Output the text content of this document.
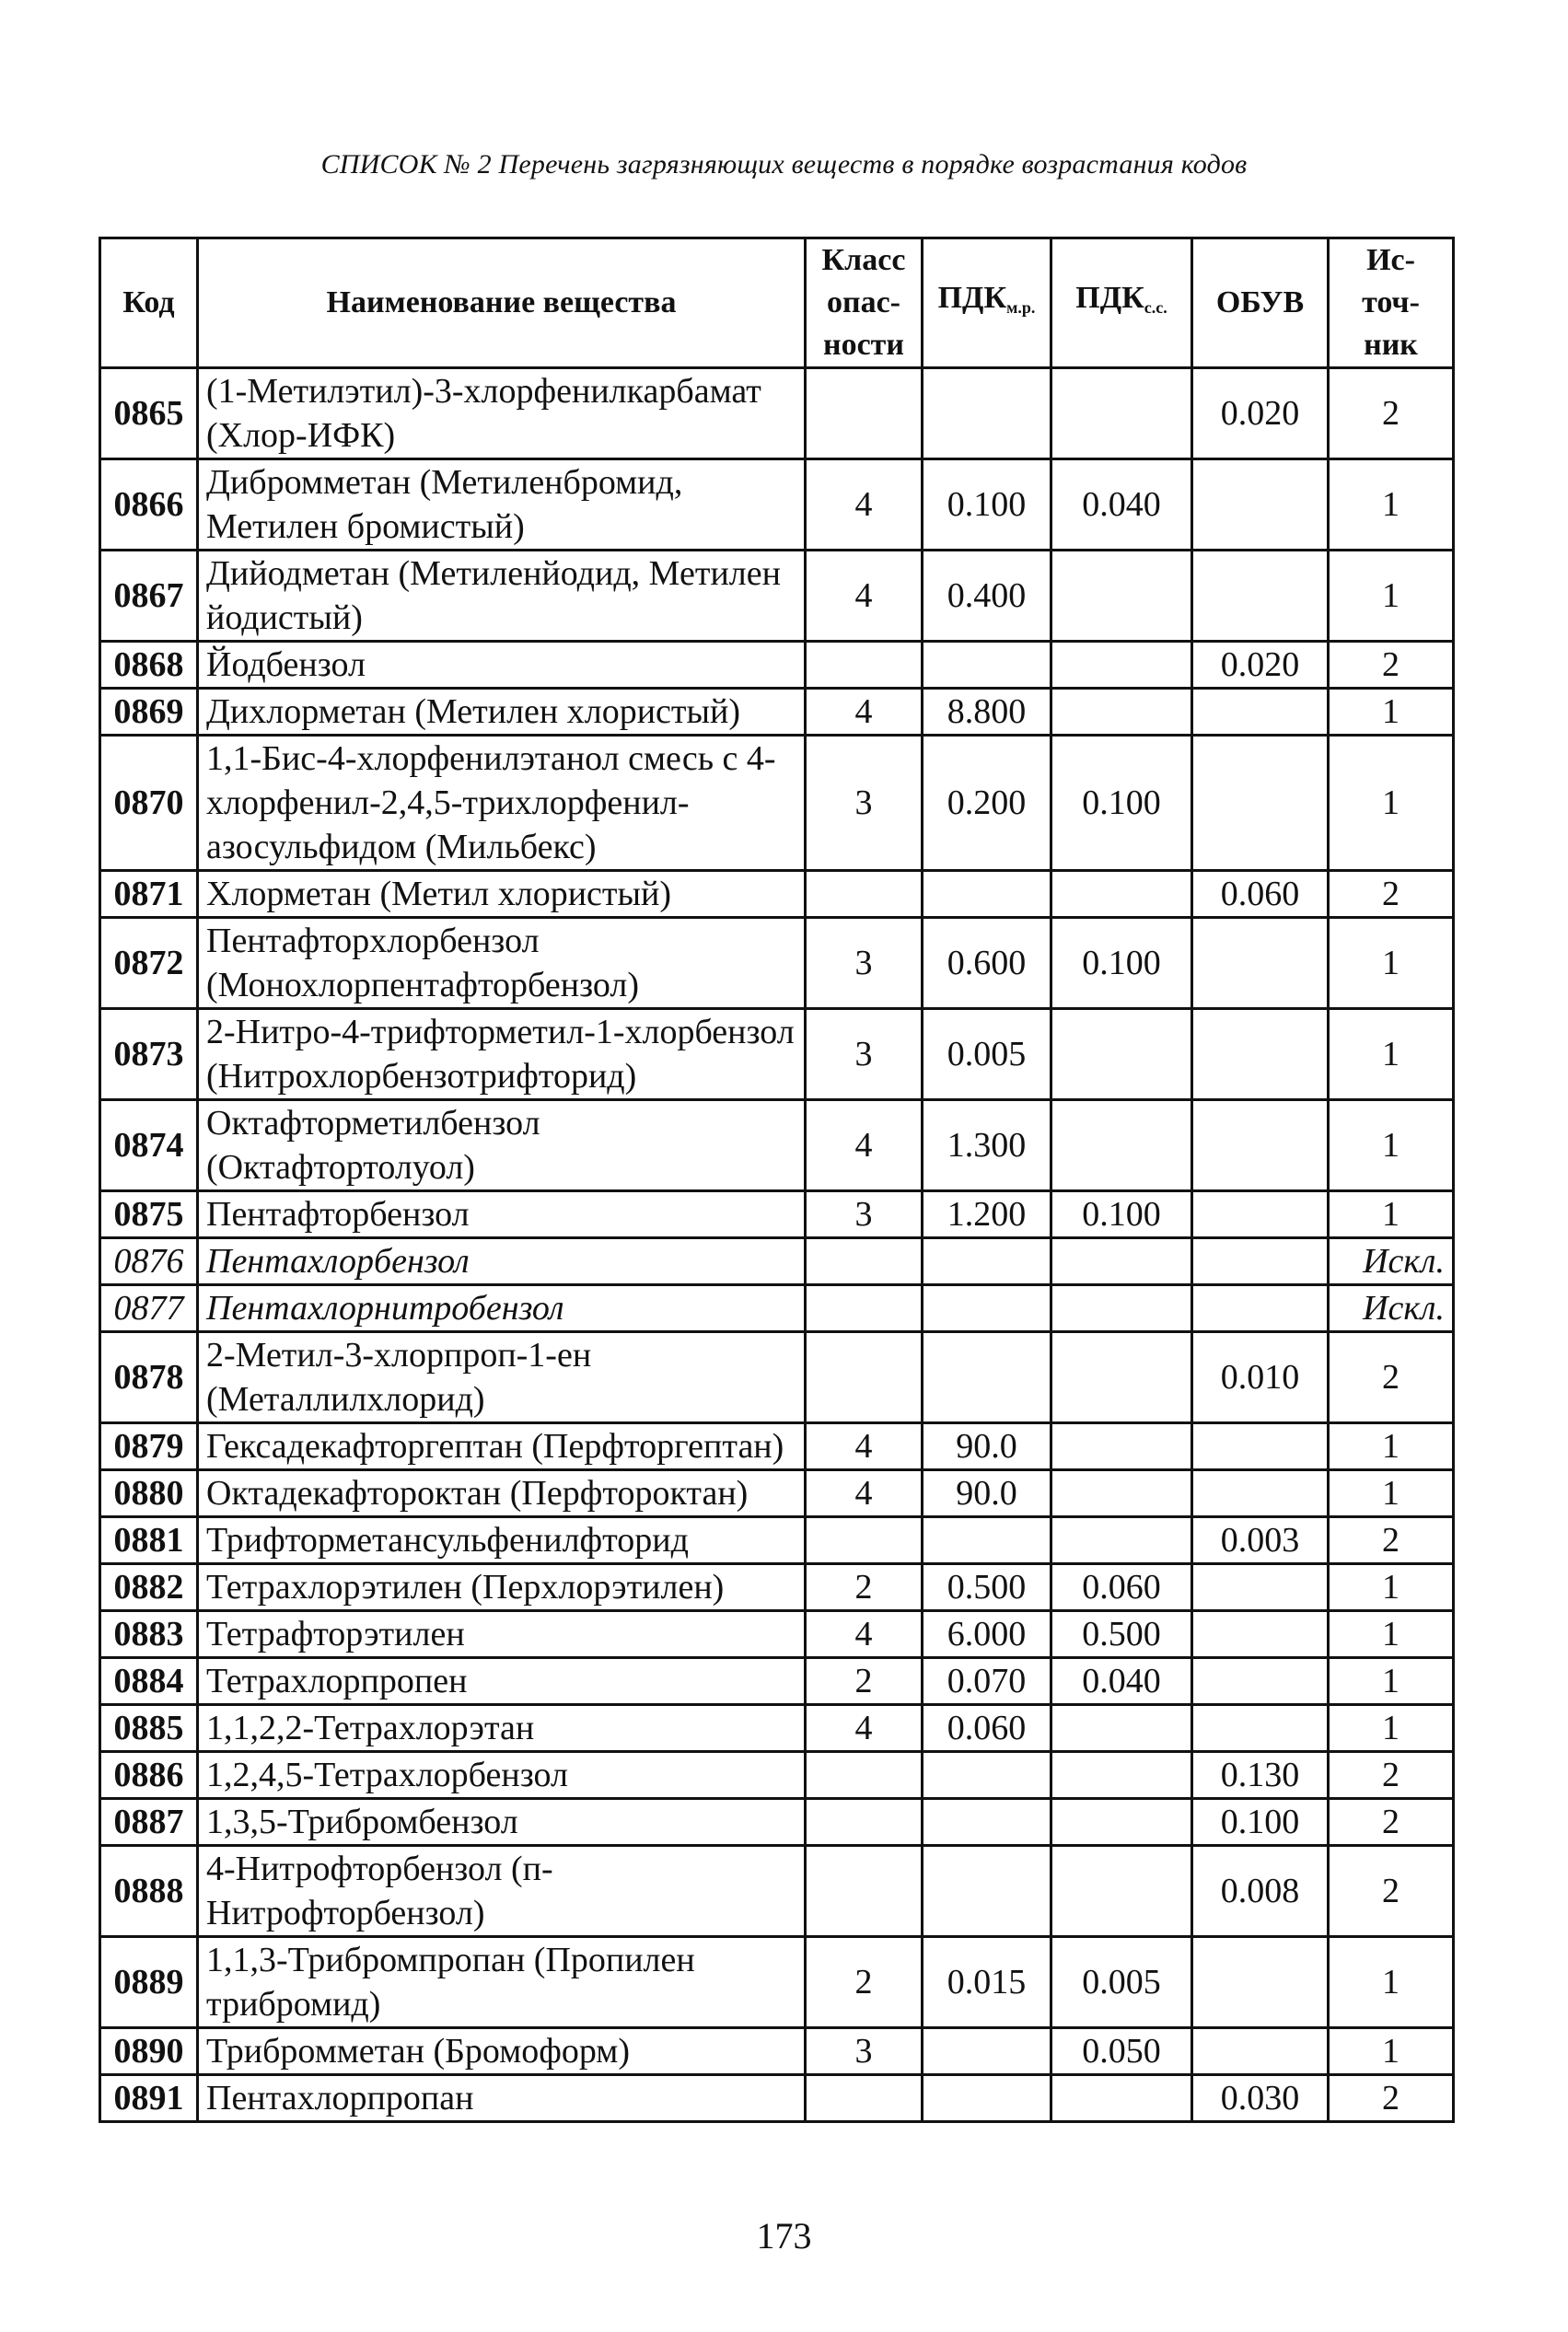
СПИСОК № 2 Перечень загрязняющих веществ в порядке возрастания кодов
Код	Наименование вещества	Класс опас- ности	$ПДК_{м.р.}$	$ПДК_{с.с.}$	ОБУВ	Ис- точ- ник
0865	(1-Метилэтил)-3-хлорфенилкарбамат (Хлор-ИФК)				0.020	2
0866	Дибромметан (Метиленбромид, Метилен бромистый)	4	0.100	0.040		1
0867	Дийодметан (Метиленйодид, Метилен йодистый)	4	0.400			1
0868	Йодбензол				0.020	2
0869	Дихлорметан (Метилен хлористый)	4	8.800			1
0870	1,1-Бис-4-хлорфенилэтанол смесь с 4-хлорфенил-2,4,5-трихлорфенил-азосульфидом (Мильбекс)	3	0.200	0.100		1
0871	Хлорметан (Метил хлористый)				0.060	2
0872	Пентафторхлорбензол (Монохлорпентафторбензол)	3	0.600	0.100		1
0873	2-Нитро-4-трифторметил-1-хлорбензол (Нитрохлорбензотрифторид)	3	0.005			1
0874	Октафторметилбензол (Октафтортолуол)	4	1.300			1
0875	Пентафторбензол	3	1.200	0.100		1
0876	Пентахлорбензол					Искл.
0877	Пентахлорнитробензол					Искл.
0878	2-Метил-3-хлорпроп-1-ен (Металлилхлорид)				0.010	2
0879	Гексадекафторгептан (Перфторгептан)	4	90.0			1
0880	Октадекафтороктан (Перфтороктан)	4	90.0			1
0881	Трифторметансульфенилфторид				0.003	2
0882	Тетрахлорэтилен (Перхлорэтилен)	2	0.500	0.060		1
0883	Тетрафторэтилен	4	6.000	0.500		1
0884	Тетрахлорпропен	2	0.070	0.040		1
0885	1,1,2,2-Тетрахлорэтан	4	0.060			1
0886	1,2,4,5-Тетрахлорбензол				0.130	2
0887	1,3,5-Трибромбензол				0.100	2
0888	4-Нитрофторбензол (п-Нитрофторбензол)				0.008	2
0889	1,1,3-Трибромпропан (Пропилен трибромид)	2	0.015	0.005		1
0890	Трибромметан (Бромоформ)	3		0.050		1
0891	Пентахлорпропан				0.030	2
173
